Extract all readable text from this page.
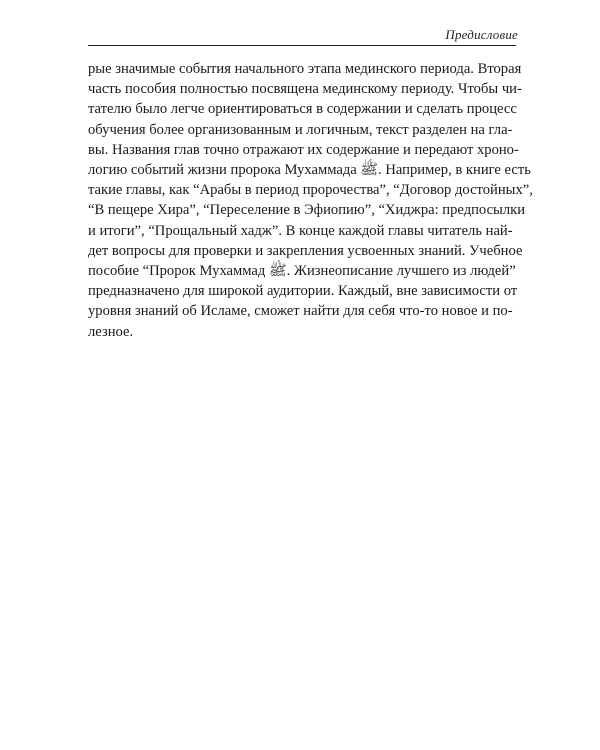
Предисловие
рые значимые события начального этапа мединского периода. Вторая
часть пособия полностью посвящена мединскому периоду. Чтобы чи-
тателю было легче ориентироваться в содержании и сделать процесс
обучения более организованным и логичным, текст разделен на гла-
вы. Названия глав точно отражают их содержание и передают хроно-
логию событий жизни пророка Мухаммада ﷺ. Например, в книге есть
такие главы, как “Арабы в период пророчества”, “Договор достойных”,
“В пещере Хира”, “Переселение в Эфиопию”, “Хиджра: предпосылки
и итоги”, “Прощальный хадж”. В конце каждой главы читатель най-
дет вопросы для проверки и закрепления усвоенных знаний. Учебное
пособие “Пророк Мухаммад ﷺ. Жизнеописание лучшего из людей”
предназначено для широкой аудитории. Каждый, вне зависимости от
уровня знаний об Исламе, сможет найти для себя что-то новое и по-
лезное.
